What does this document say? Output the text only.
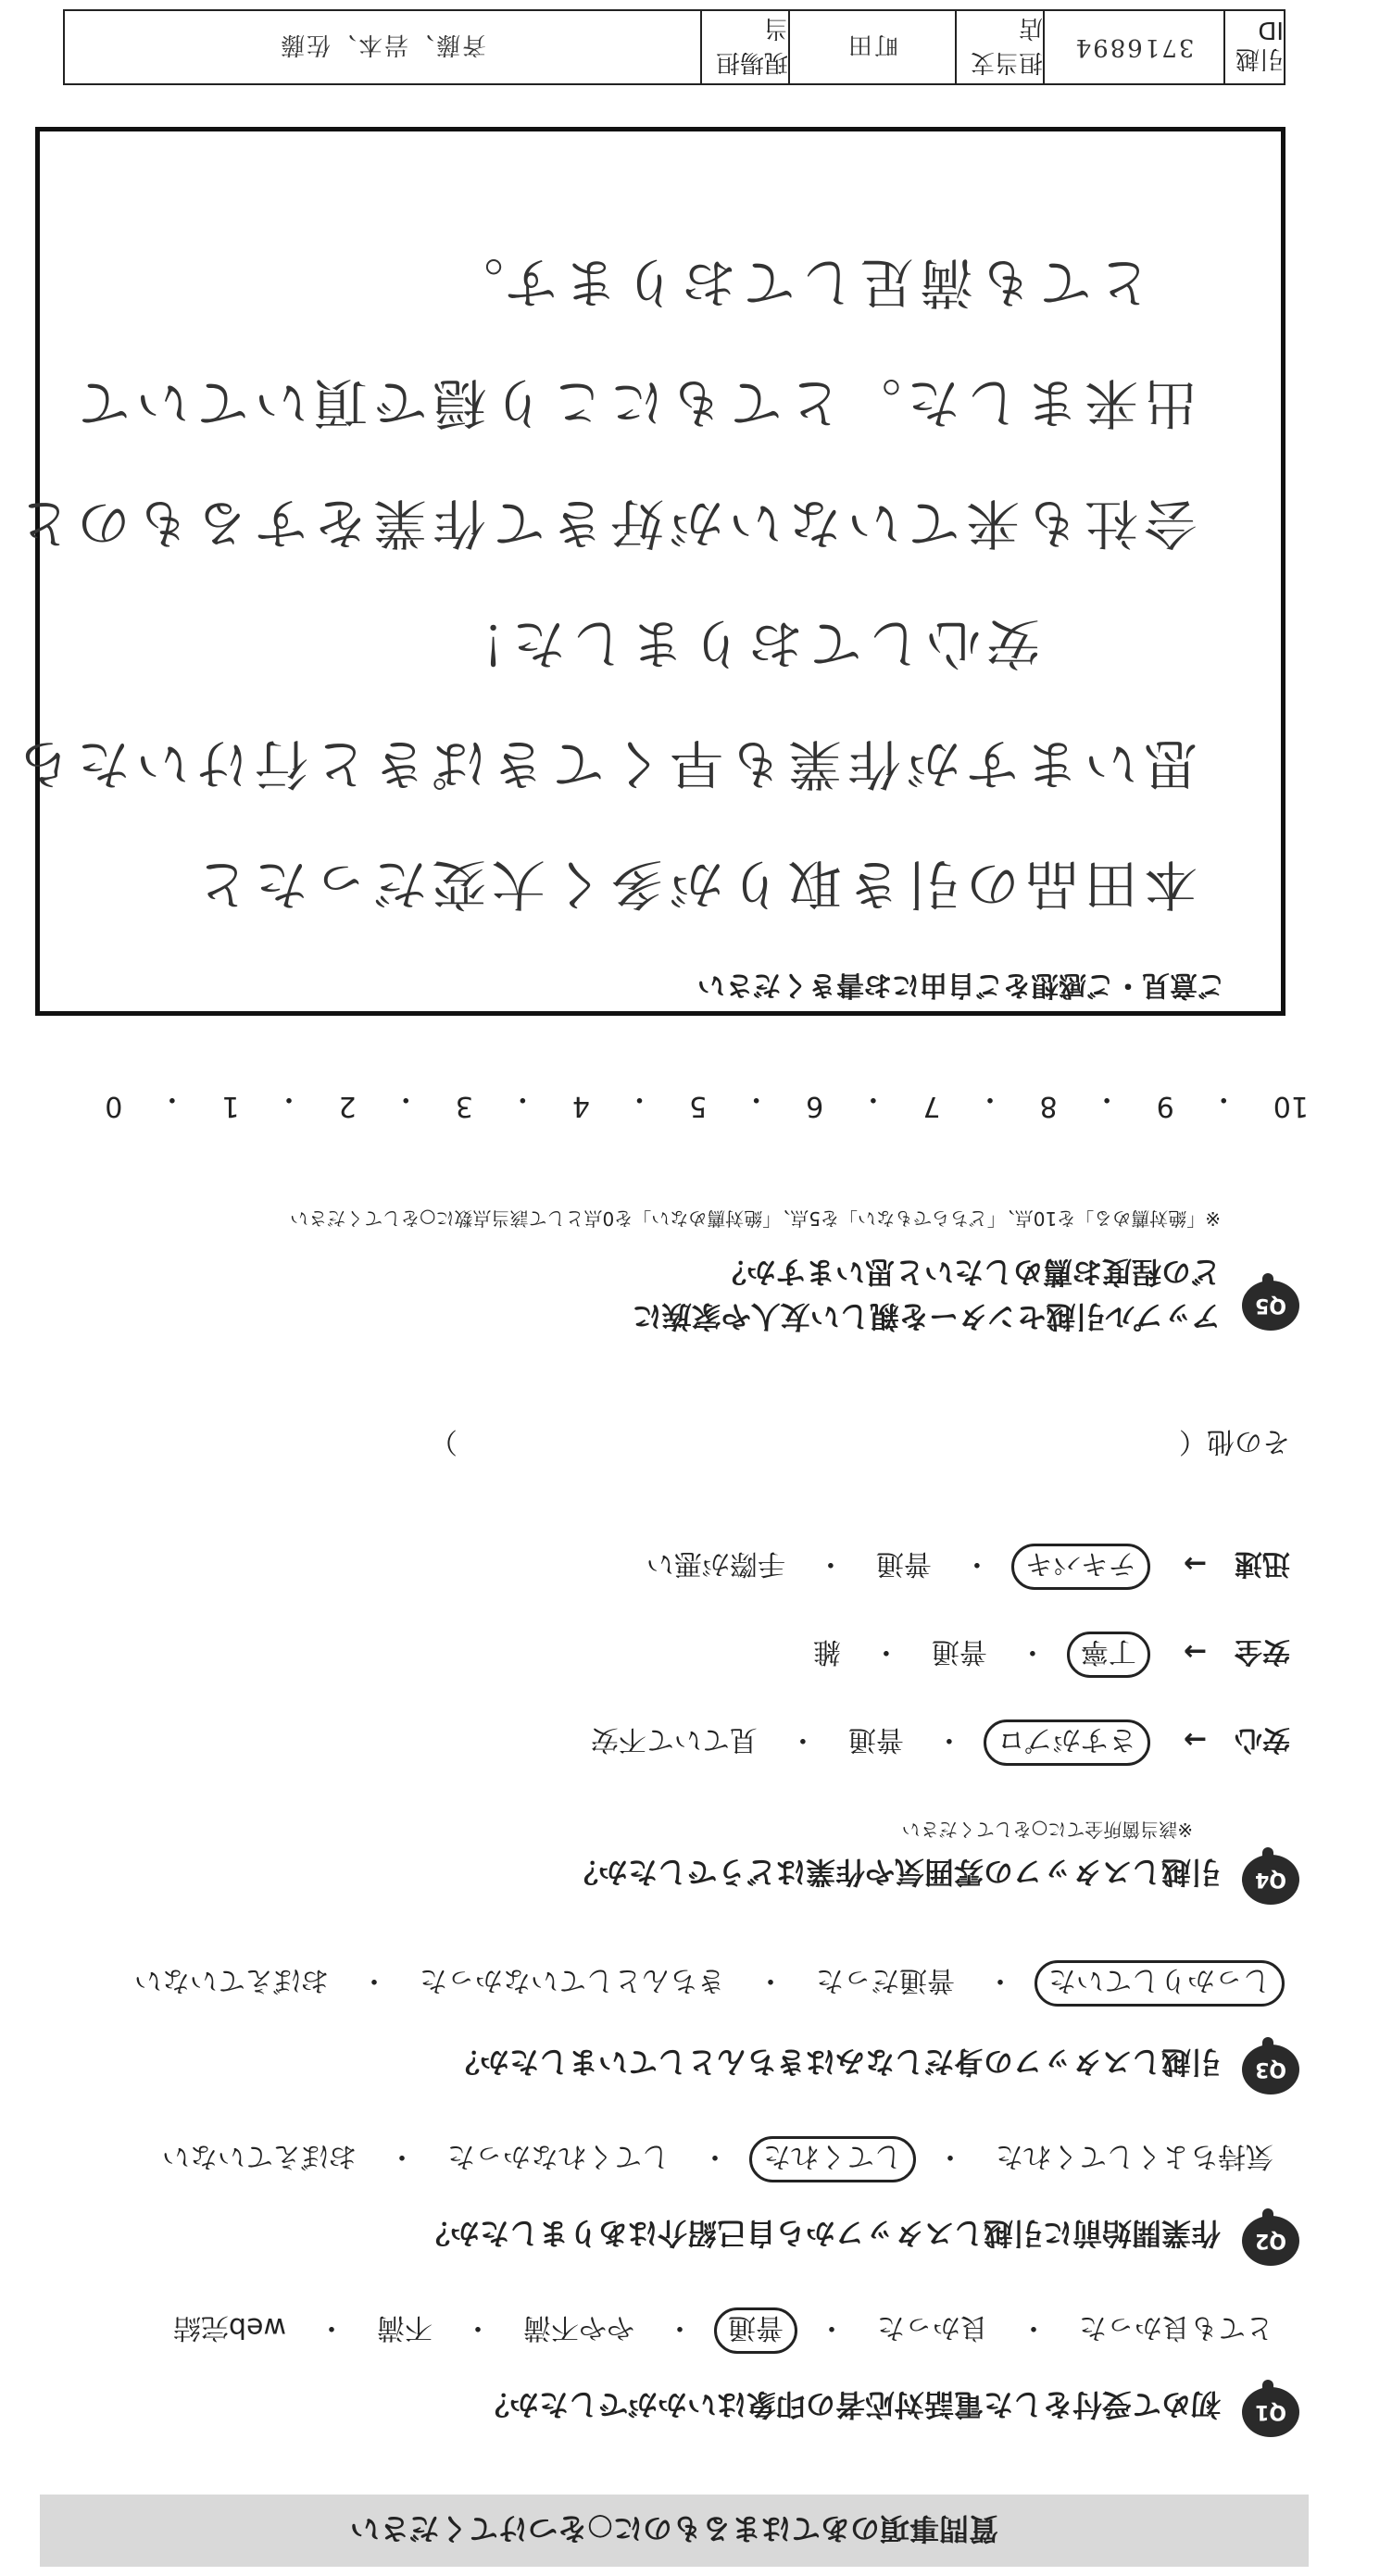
質問事項のあてはまるものに○をつけてください
Q1
初めて受付をした電話対応者の印象はいかがでしたか？
とても良かった・良かった・普通・やや不満・不満・web完結
Q2
作業開始前に引越しスタッフから自己紹介はありましたか？
気持ちよくしてくれた・してくれた・してくれなかった・おぼえていない
Q3
引越しスタッフの身だしなみはきちんとしていましたか？
しっかりしていた・普通だった・きちんとしていなかった・おぼえていない
Q4
引越しスタッフの雰囲気や作業はどうでしたか？
※該当箇所全てに○をしてください
安心　→さすがプロ・普通・見ていて不安
安全　→丁寧・普通・雑
迅速　→テキパキ・普通・手際が悪い
その他（  ）
Q5
アップル引越センターを親しい友人や家族に
どの程度お薦めしたいと思いますか？
※「絶対薦める」を10点、「どちらでもない」を5点、「絶対薦めない」を0点として該当点数に○をしてください
10
・
9
・
8
・
7
・
6
・
5
・
4
・
3
・
2
・
1
・
0
ご意見・ご感想をご自由にお書きください
本田品の引き取りが多く大変だったと
思いますが作業も早くてきぱきと行けいたら
安心しておりました！
会社も来ていないが好きて作業をするものと
出来ました。とてもにこり穏で頂いていて
とても満足しております。
引越ID
3716894
担当支店
町田
現場担当
斉藤、岩本、佐藤
